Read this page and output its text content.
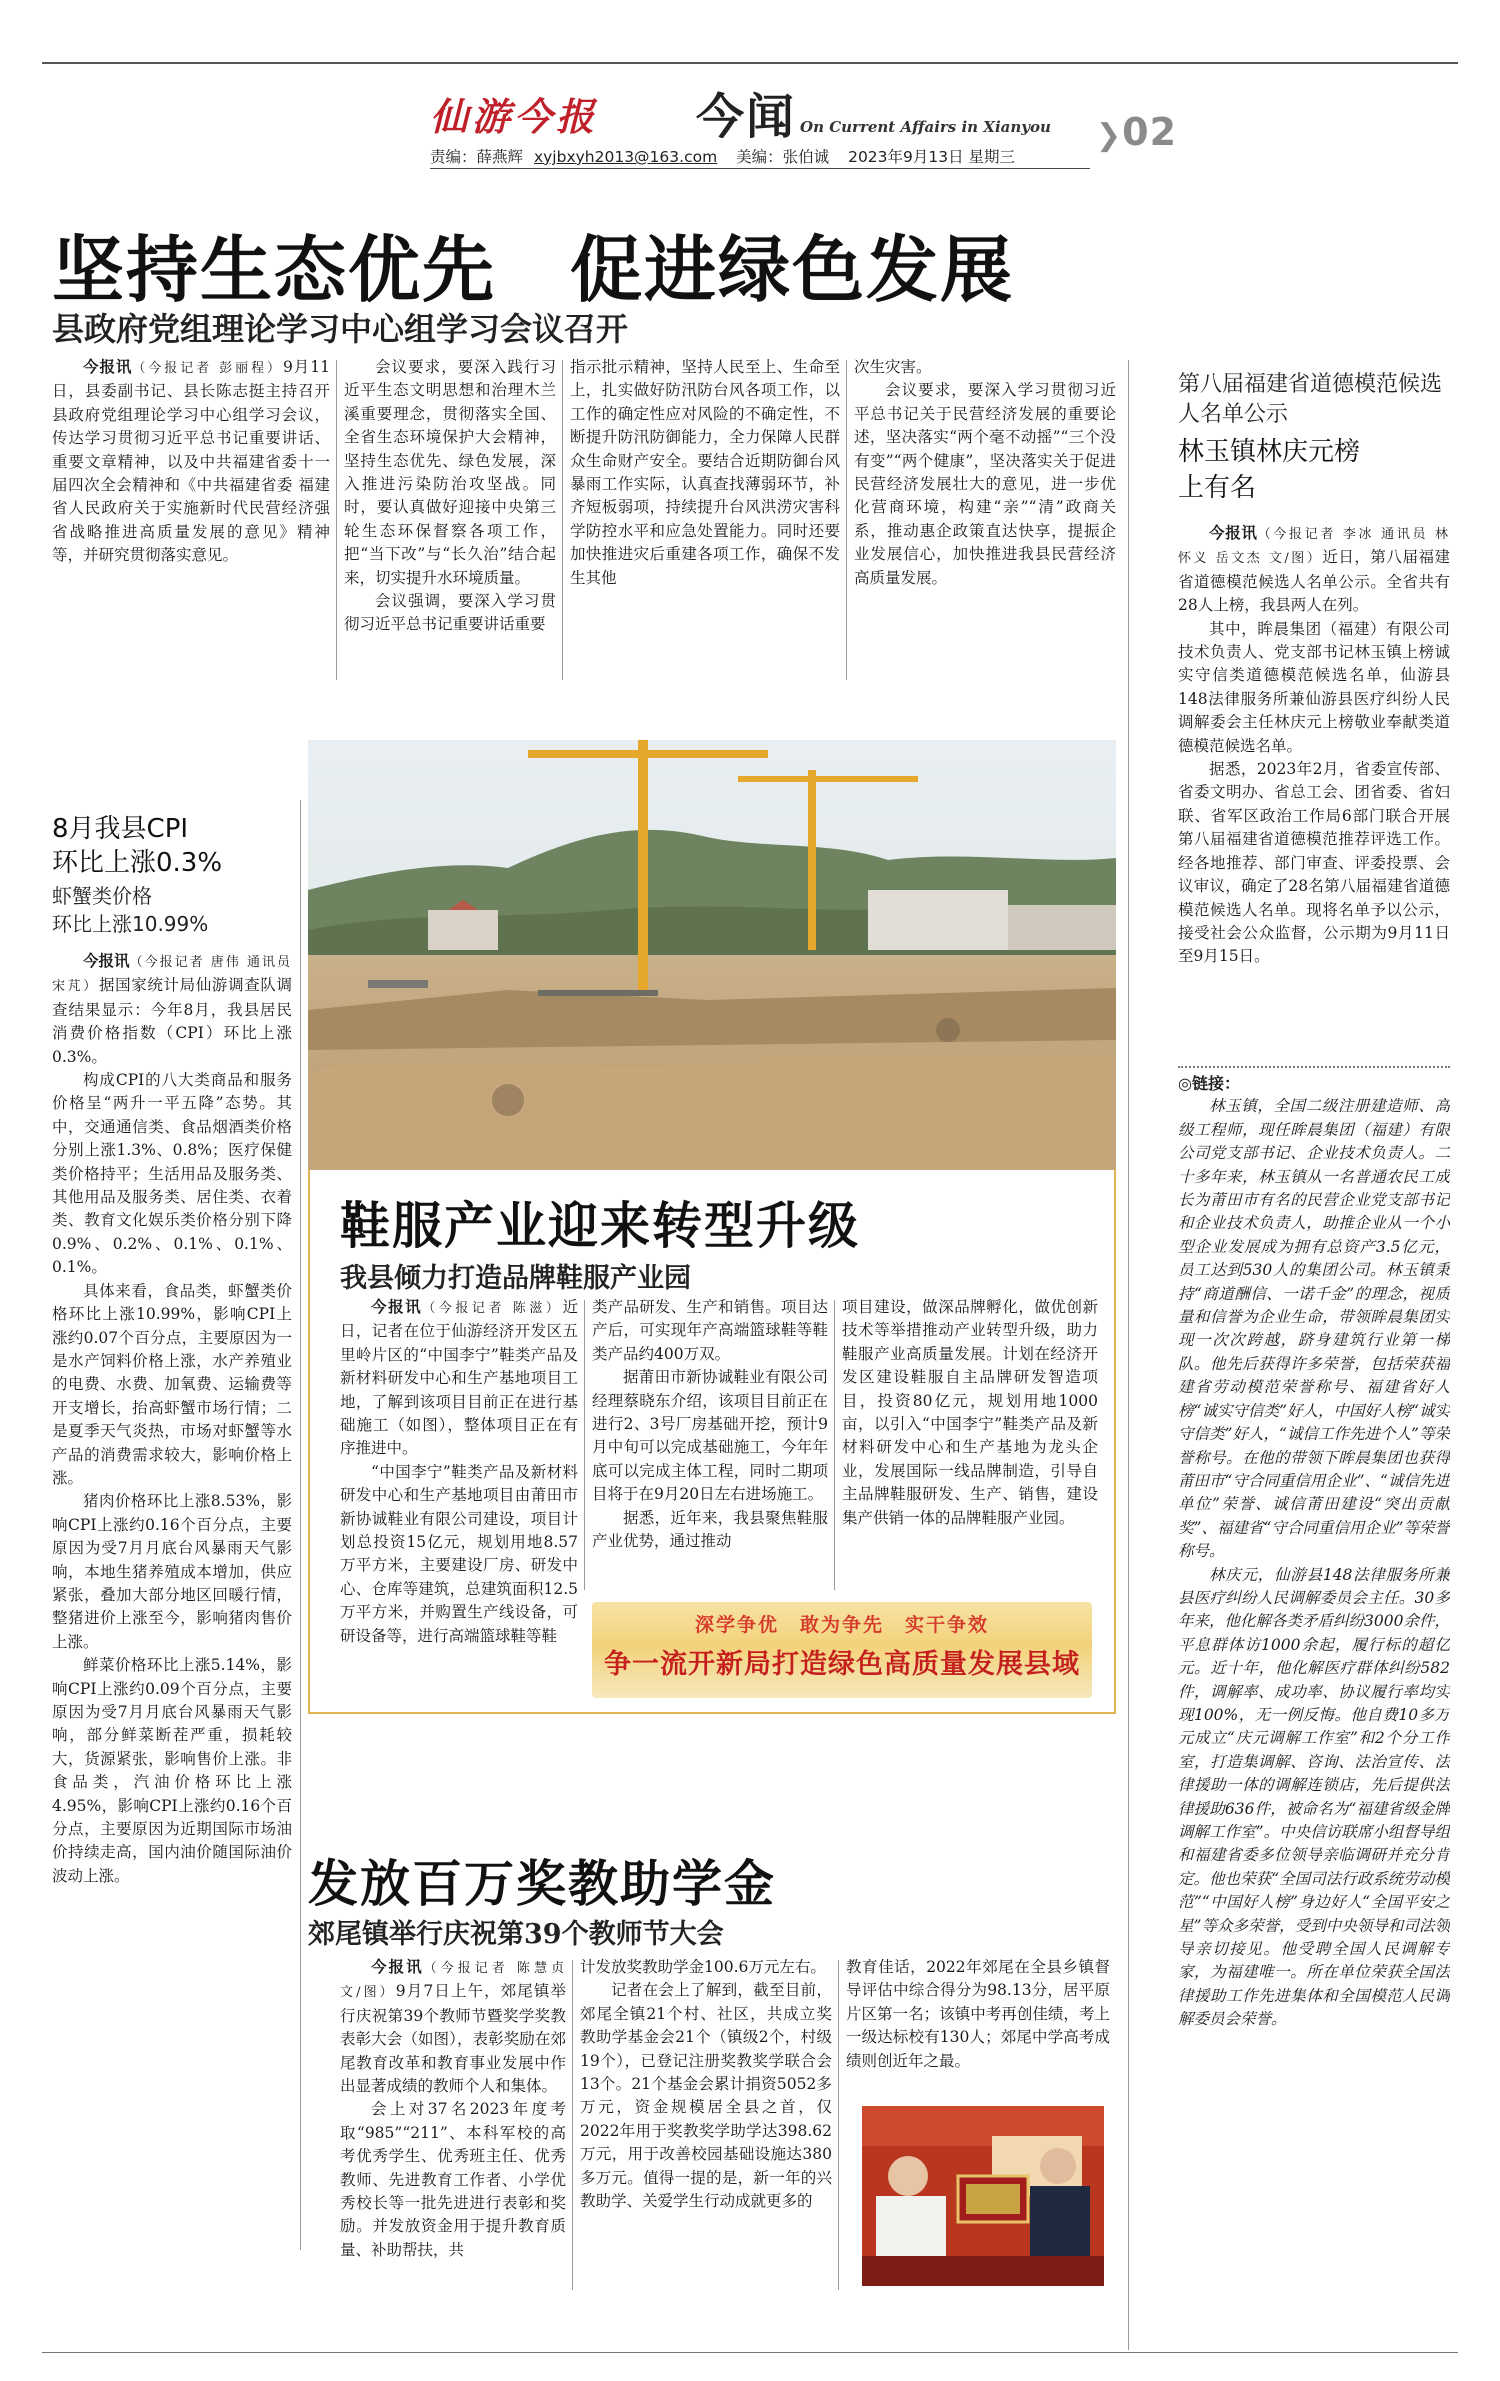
仙游今报 今闻 On Current Affairs in Xianyou ❯02
责编：薛燕辉 xyjbxyh2013@163.com 美编：张伯诚 2023年9月13日 星期三
坚持生态优先　促进绿色发展
县政府党组理论学习中心组学习会议召开

今报讯（今报记者 彭丽程）9月11日，县委副书记、县长陈志挺主持召开县政府党组理论学习中心组学习会议，传达学习贯彻习近平总书记重要讲话、重要文章精神，以及中共福建省委十一届四次全会精神和《中共福建省委 福建省人民政府关于实施新时代民营经济强省战略推进高质量发展的意见》精神等，并研究贯彻落实意见。

会议要求，要深入践行习近平生态文明思想和治理木兰溪重要理念，贯彻落实全国、全省生态环境保护大会精神，坚持生态优先、绿色发展，深入推进污染防治攻坚战。同时，要认真做好迎接中央第三轮生态环保督察各项工作，把“当下改”与“长久治”结合起来，切实提升水环境质量。

会议强调，要深入学习贯彻习近平总书记重要讲话重要

指示批示精神，坚持人民至上、生命至上，扎实做好防汛防台风各项工作，以工作的确定性应对风险的不确定性，不断提升防汛防御能力，全力保障人民群众生命财产安全。要结合近期防御台风暴雨工作实际，认真查找薄弱环节，补齐短板弱项，持续提升台风洪涝灾害科学防控水平和应急处置能力。同时还要加快推进灾后重建各项工作，确保不发生其他

次生灾害。

会议要求，要深入学习贯彻习近平总书记关于民营经济发展的重要论述，坚决落实“两个毫不动摇”“三个没有变”“两个健康”，坚决落实关于促进民营经济发展壮大的意见，进一步优化营商环境，构建“亲”“清”政商关系，推动惠企政策直达快享，提振企业发展信心，加快推进我县民营经济高质量发展。

第八届福建省道德模范候选人名单公示
林玉镇林庆元榜上有名

今报讯（今报记者 李冰 通讯员 林怀义 岳文杰 文/图）近日，第八届福建省道德模范候选人名单公示。全省共有28人上榜，我县两人在列。

其中，眸晨集团（福建）有限公司技术负责人、党支部书记林玉镇上榜诚实守信类道德模范候选名单，仙游县148法律服务所兼仙游县医疗纠纷人民调解委会主任林庆元上榜敬业奉献类道德模范候选名单。

据悉，2023年2月，省委宣传部、省委文明办、省总工会、团省委、省妇联、省军区政治工作局6部门联合开展第八届福建省道德模范推荐评选工作。经各地推荐、部门审查、评委投票、会议审议，确定了28名第八届福建省道德模范候选人名单。现将名单予以公示，接受社会公众监督，公示期为9月11日至9月15日。

◎链接：

林玉镇，全国二级注册建造师、高级工程师，现任眸晨集团（福建）有限公司党支部书记、企业技术负责人。二十多年来，林玉镇从一名普通农民工成长为莆田市有名的民营企业党支部书记和企业技术负责人，助推企业从一个小型企业发展成为拥有总资产3.5亿元，员工达到530人的集团公司。林玉镇秉持“商道酬信、一诺千金”的理念，视质量和信誉为企业生命，带领眸晨集团实现一次次跨越，跻身建筑行业第一梯队。他先后获得许多荣誉，包括荣获福建省劳动模范荣誉称号、福建省好人榜“诚实守信类”好人，中国好人榜“诚实守信类”好人，“诚信工作先进个人”等荣誉称号。在他的带领下眸晨集团也获得莆田市“守合同重信用企业”、“诚信先进单位”荣誉、诚信莆田建设“突出贡献奖”、福建省“守合同重信用企业”等荣誉称号。

林庆元，仙游县148法律服务所兼县医疗纠纷人民调解委员会主任。30多年来，他化解各类矛盾纠纷3000余件，平息群体访1000余起，履行标的超亿元。近十年，他化解医疗群体纠纷582件，调解率、成功率、协议履行率均实现100%，无一例反悔。他自费10多万元成立“庆元调解工作室”和2个分工作室，打造集调解、咨询、法治宣传、法律援助一体的调解连锁店，先后提供法律援助636件，被命名为“福建省级金牌调解工作室”。中央信访联席小组督导组和福建省委多位领导亲临调研并充分肯定。他也荣获“全国司法行政系统劳动模范”“中国好人榜”身边好人“全国平安之星”等众多荣誉，受到中央领导和司法领导亲切接见。他受聘全国人民调解专家，为福建唯一。所在单位荣获全国法律援助工作先进集体和全国模范人民调解委员会荣誉。

鞋服产业迎来转型升级
我县倾力打造品牌鞋服产业园

今报讯（今报记者 陈滋）近日，记者在位于仙游经济开发区五里岭片区的“中国李宁”鞋类产品及新材料研发中心和生产基地项目工地，了解到该项目目前正在进行基础施工（如图），整体项目正在有序推进中。

“中国李宁”鞋类产品及新材料研发中心和生产基地项目由莆田市新协诚鞋业有限公司建设，项目计划总投资15亿元，规划用地8.57万平方米，主要建设厂房、研发中心、仓库等建筑，总建筑面积12.5万平方米，并购置生产线设备，可研设备等，进行高端篮球鞋等鞋

类产品研发、生产和销售。项目达产后，可实现年产高端篮球鞋等鞋类产品约400万双。

据莆田市新协诚鞋业有限公司经理蔡晓东介绍，该项目目前正在进行2、3号厂房基础开挖，预计9月中旬可以完成基础施工，今年年底可以完成主体工程，同时二期项目将于在9月20日左右进场施工。

据悉，近年来，我县聚焦鞋服产业优势，通过推动

项目建设，做深品牌孵化，做优创新技术等举措推动产业转型升级，助力鞋服产业高质量发展。计划在经济开发区建设鞋服自主品牌研发智造项目，投资80亿元，规划用地1000亩，以引入“中国李宁”鞋类产品及新材料研发中心和生产基地为龙头企业，发展国际一线品牌制造，引导自主品牌鞋服研发、生产、销售，建设集产供销一体的品牌鞋服产业园。

深学争优　敢为争先　实干争效
争一流开新局打造绿色高质量发展县域
8月我县CPI
环比上涨0.3%
虾蟹类价格
环比上涨10.99%

今报讯（今报记者 唐伟 通讯员 宋芃）据国家统计局仙游调查队调查结果显示：今年8月，我县居民消费价格指数（CPI）环比上涨0.3%。

构成CPI的八大类商品和服务价格呈“两升一平五降”态势。其中，交通通信类、食品烟酒类价格分别上涨1.3%、0.8%；医疗保健类价格持平；生活用品及服务类、其他用品及服务类、居住类、衣着类、教育文化娱乐类价格分别下降0.9%、0.2%、0.1%、0.1%、0.1%。

具体来看，食品类，虾蟹类价格环比上涨10.99%，影响CPI上涨约0.07个百分点，主要原因为一是水产饲料价格上涨，水产养殖业的电费、水费、加氧费、运输费等开支增长，抬高虾蟹市场行情；二是夏季天气炎热，市场对虾蟹等水产品的消费需求较大，影响价格上涨。

猪肉价格环比上涨8.53%，影响CPI上涨约0.16个百分点，主要原因为受7月月底台风暴雨天气影响，本地生猪养殖成本增加，供应紧张，叠加大部分地区回暖行情，整猪进价上涨至今，影响猪肉售价上涨。

鲜菜价格环比上涨5.14%，影响CPI上涨约0.09个百分点，主要原因为受7月月底台风暴雨天气影响，部分鲜菜断茬严重，损耗较大，货源紧张，影响售价上涨。非食品类，汽油价格环比上涨4.95%，影响CPI上涨约0.16个百分点，主要原因为近期国际市场油价持续走高，国内油价随国际油价波动上涨。	发放百万奖教助学金
郊尾镇举行庆祝第39个教师节大会

今报讯（今报记者 陈慧贞 文/图）9月7日上午，郊尾镇举行庆祝第39个教师节暨奖学奖教表彰大会（如图），表彰奖励在郊尾教育改革和教育事业发展中作出显著成绩的教师个人和集体。

会上对37名2023年度考取“985”“211”、本科军校的高考优秀学生、优秀班主任、优秀教师、先进教育工作者、小学优秀校长等一批先进进行表彰和奖励。并发放资金用于提升教育质量、补助帮扶，共

计发放奖教助学金100.6万元左右。

记者在会上了解到，截至目前，郊尾全镇21个村、社区，共成立奖教助学基金会21个（镇级2个，村级19个），已登记注册奖教奖学联合会13个。21个基金会累计捐资5052多万元，资金规模居全县之首，仅2022年用于奖教奖学助学达398.62万元，用于改善校园基础设施达380多万元。值得一提的是，新一年的兴教助学、关爱学生行动成就更多的

教育佳话，2022年郊尾在全县乡镇督导评估中综合得分为98.13分，居平原片区第一名；该镇中考再创佳绩，考上一级达标校有130人；郊尾中学高考成绩则创近年之最。
